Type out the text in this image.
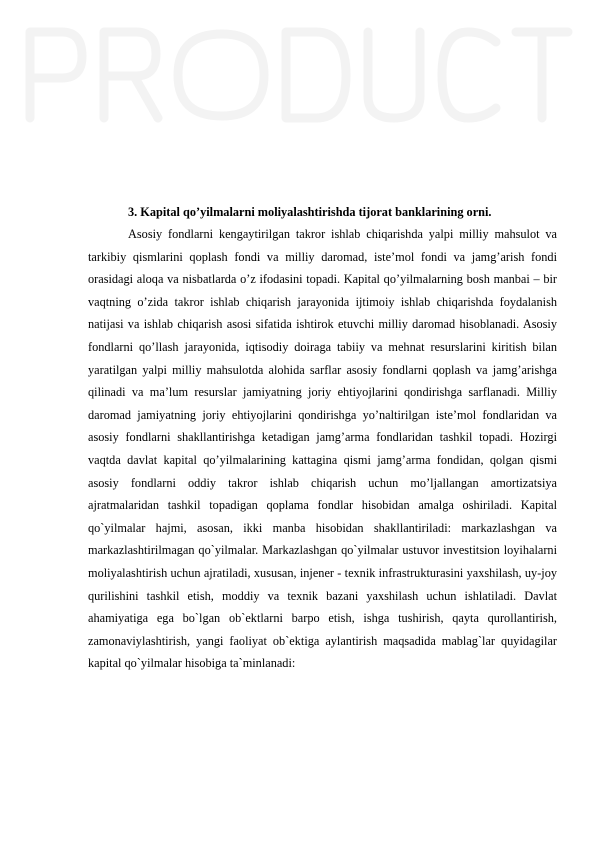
3. Kapital qo’yilmalarni moliyalashtirishda tijorat banklarining orni.

Asosiy fondlarni kengaytirilgan takror ishlab chiqarishda yalpi milliy mahsulot va tarkibiy qismlarini qoplash fondi va milliy daromad, iste’mol fondi va jamg’arish fondi orasidagi aloqa va nisbatlarda o’z ifodasini topadi. Kapital qo’yilmalarning bosh manbai – bir vaqtning o’zida takror ishlab chiqarish jarayonida ijtimoiy ishlab chiqarishda foydalanish natijasi va ishlab chiqarish asosi sifatida ishtirok etuvchi milliy daromad hisoblanadi. Asosiy fondlarni qo’llash jarayonida, iqtisodiy doiraga tabiiy va mehnat resurslarini kiritish bilan yaratilgan yalpi milliy mahsulotda alohida sarflar asosiy fondlarni qoplash va jamg’arishga qilinadi va ma’lum resurslar jamiyatning joriy ehtiyojlarini qondirishga sarflanadi. Milliy daromad jamiyatning joriy ehtiyojlarini qondirishga yo’naltirilgan iste’mol fondlaridan va asosiy fondlarni shakllantirishga ketadigan jamg’arma fondlaridan tashkil topadi. Hozirgi vaqtda davlat kapital qo’yilmalarining kattagina qismi jamg’arma fondidan, qolgan qismi asosiy fondlarni oddiy takror ishlab chiqarish uchun mo’ljallangan amortizatsiya ajratmalaridan tashkil topadigan qoplama fondlar hisobidan amalga oshiriladi. Kapital qo`yilmalar hajmi, asosan, ikki manba hisobidan shakllantiriladi: markazlashgan va markazlashtirilmagan qo`yilmalar. Markazlashgan qo`yilmalar ustuvor investitsion loyihalarni moliyalashtirish uchun ajratiladi, xususan, injener - texnik infrastrukturasini yaxshilash, uy-joy qurilishini tashkil etish, moddiy va texnik bazani yaxshilash uchun ishlatiladi. Davlat ahamiyatiga ega bo`lgan ob`ektlarni barpo etish, ishga tushirish, qayta qurollantirish, zamonaviylashtirish, yangi faoliyat ob`ektiga aylantirish maqsadida mablag`lar quyidagilar kapital qo`yilmalar hisobiga ta`minlanadi:
